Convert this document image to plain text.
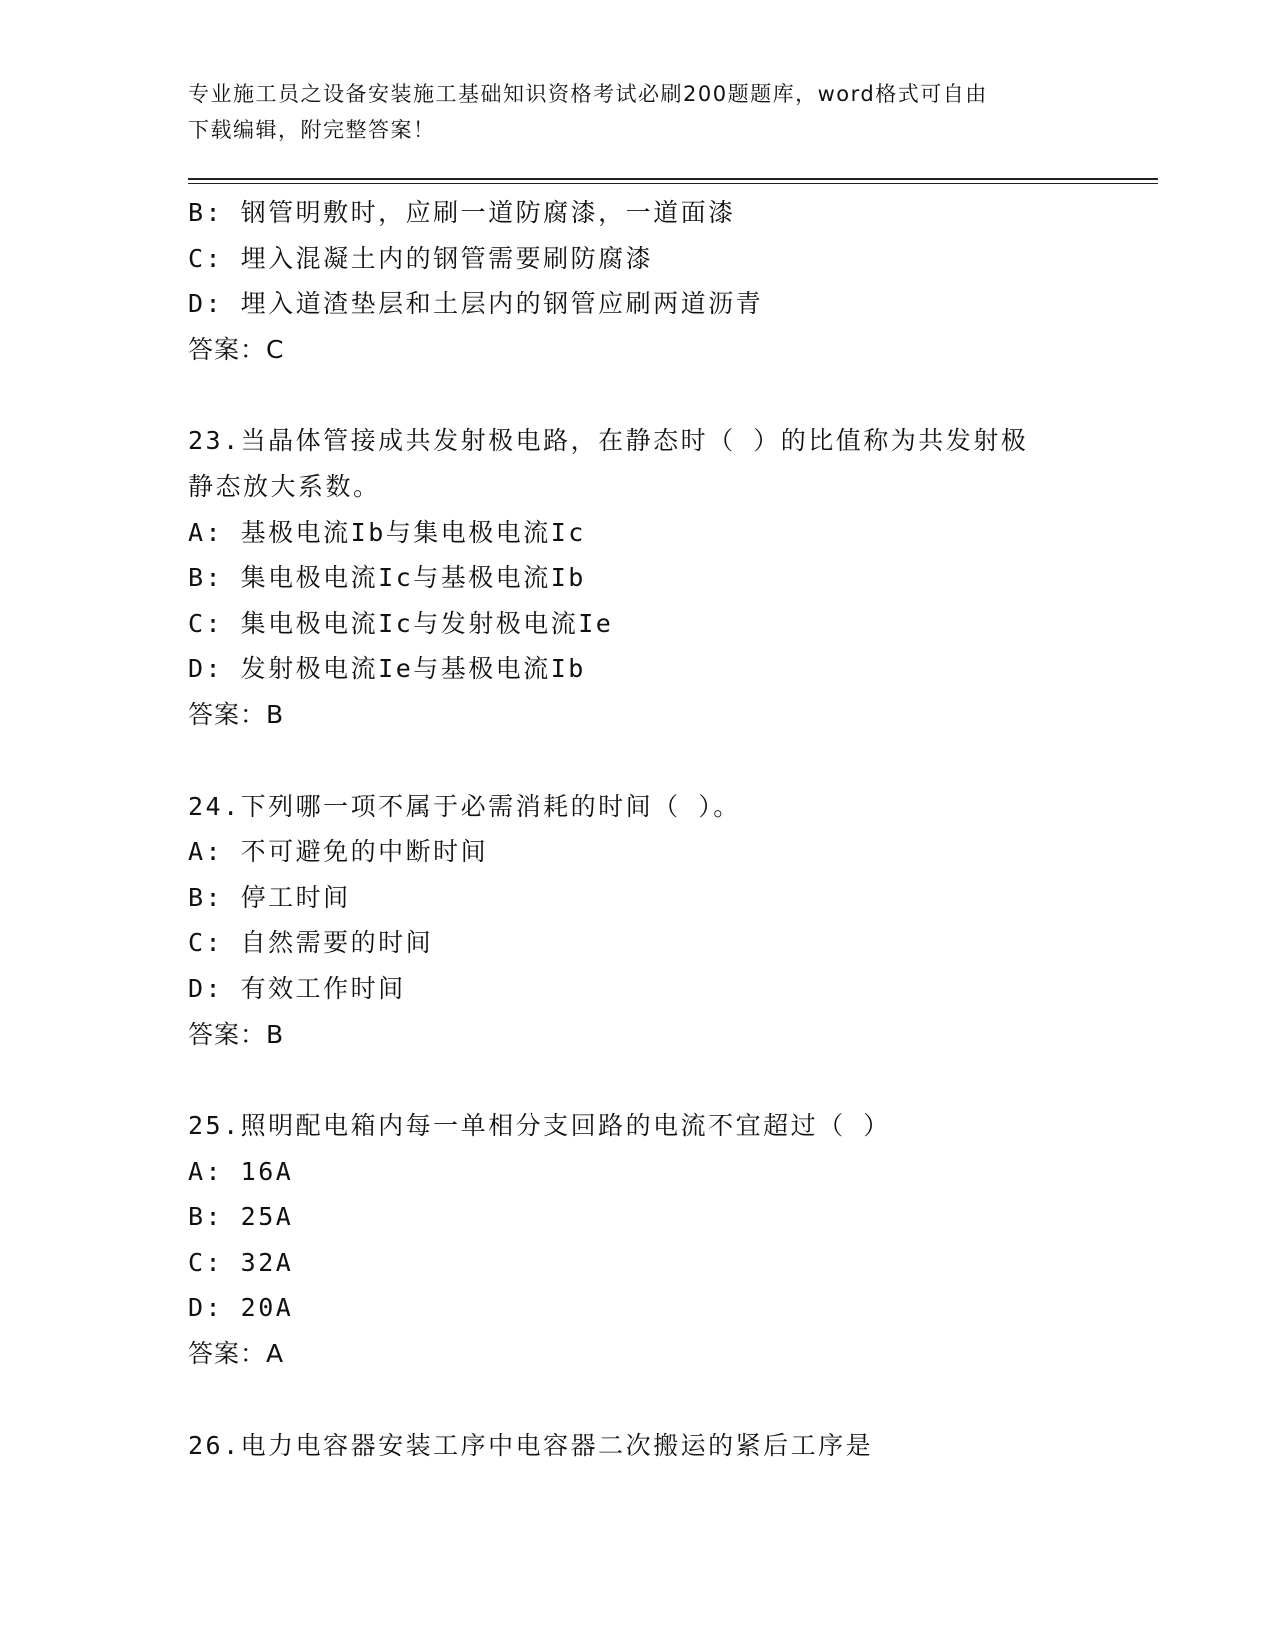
专业施工员之设备安装施工基础知识资格考试必刷200题题库，word格式可自由
下载编辑，附完整答案！
B: 钢管明敷时，应刷一道防腐漆，一道面漆
C: 埋入混凝土内的钢管需要刷防腐漆
D: 埋入道渣垫层和土层内的钢管应刷两道沥青
答案：C
23.当晶体管接成共发射极电路，在静态时（ ）的比值称为共发射极
静态放大系数。
A: 基极电流Ib与集电极电流Ic
B: 集电极电流Ic与基极电流Ib
C: 集电极电流Ic与发射极电流Ie
D: 发射极电流Ie与基极电流Ib
答案：B
24.下列哪一项不属于必需消耗的时间（ ）。
A: 不可避免的中断时间
B: 停工时间
C: 自然需要的时间
D: 有效工作时间
答案：B
25.照明配电箱内每一单相分支回路的电流不宜超过（ ）
A: 16A
B: 25A
C: 32A
D: 20A
答案：A
26.电力电容器安装工序中电容器二次搬运的紧后工序是
